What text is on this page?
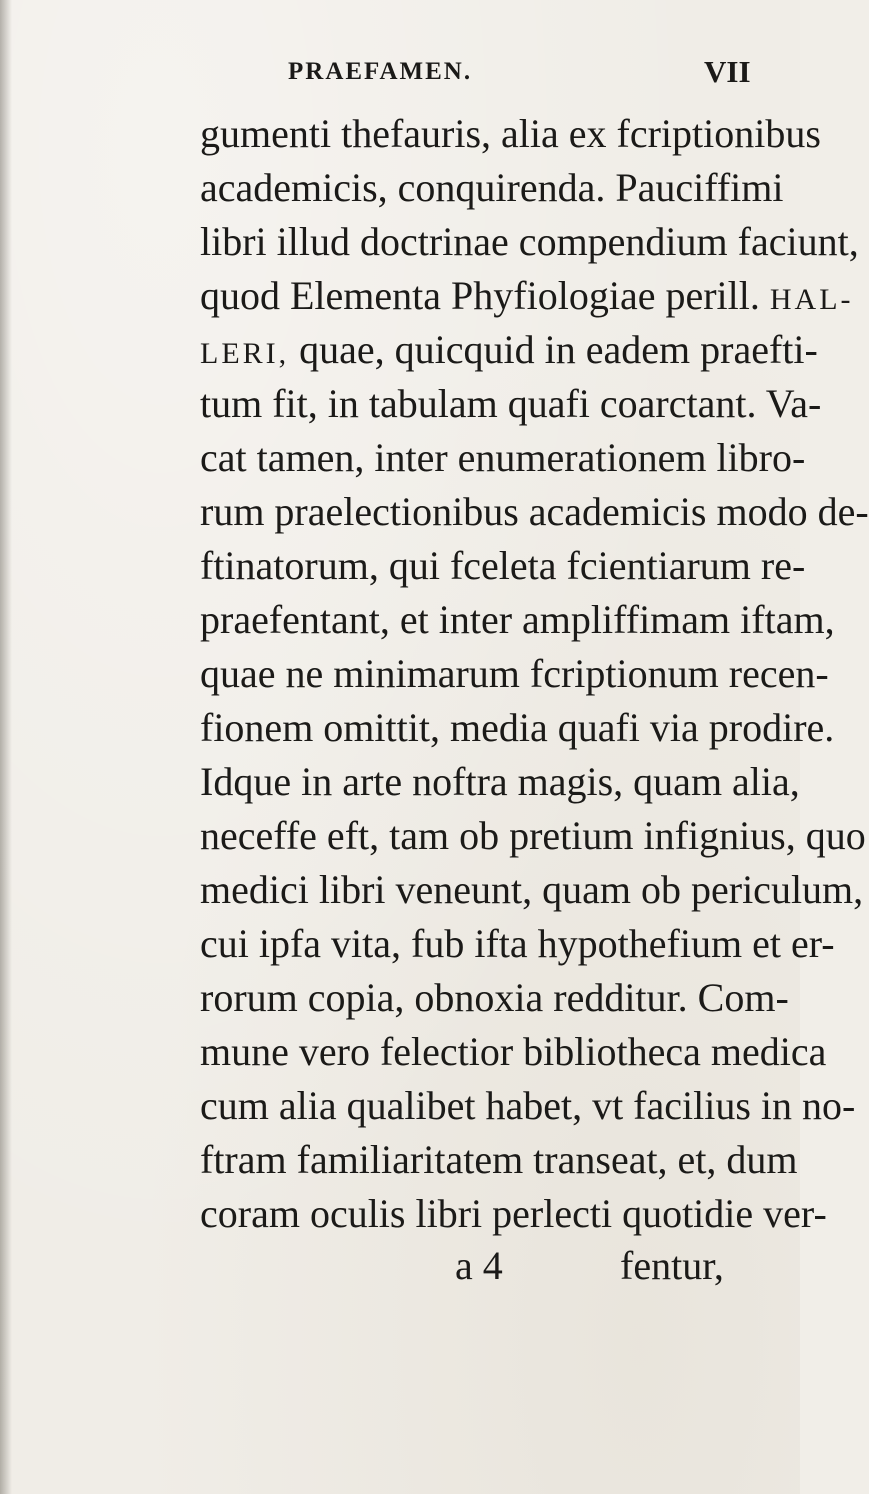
PRAEFAMEN.	VII
gumenti thefauris, alia ex fcriptionibus
academicis, conquirenda. Pauciffimi
libri illud doctrinae compendium faciunt,
quod Elementa Phyfiologiae perill. HAL-
LERI, quae, quicquid in eadem praefti-
tum fit, in tabulam quafi coarctant. Va-
cat tamen, inter enumerationem libro-
rum praelectionibus academicis modo de-
ftinatorum, qui fceleta fcientiarum re-
praefentant, et inter ampliffimam iftam,
quae ne minimarum fcriptionum recen-
fionem omittit, media quafi via prodire.
Idque in arte noftra magis, quam alia,
neceffe eft, tam ob pretium infignius, quo
medici libri veneunt, quam ob periculum,
cui ipfa vita, fub ifta hypothefium et er-
rorum copia, obnoxia redditur. Com-
mune vero felectior bibliotheca medica
cum alia qualibet habet, vt facilius in no-
ftram familiaritatem transeat, et, dum
coram oculis libri perlecti quotidie ver-
a 4	fentur,
